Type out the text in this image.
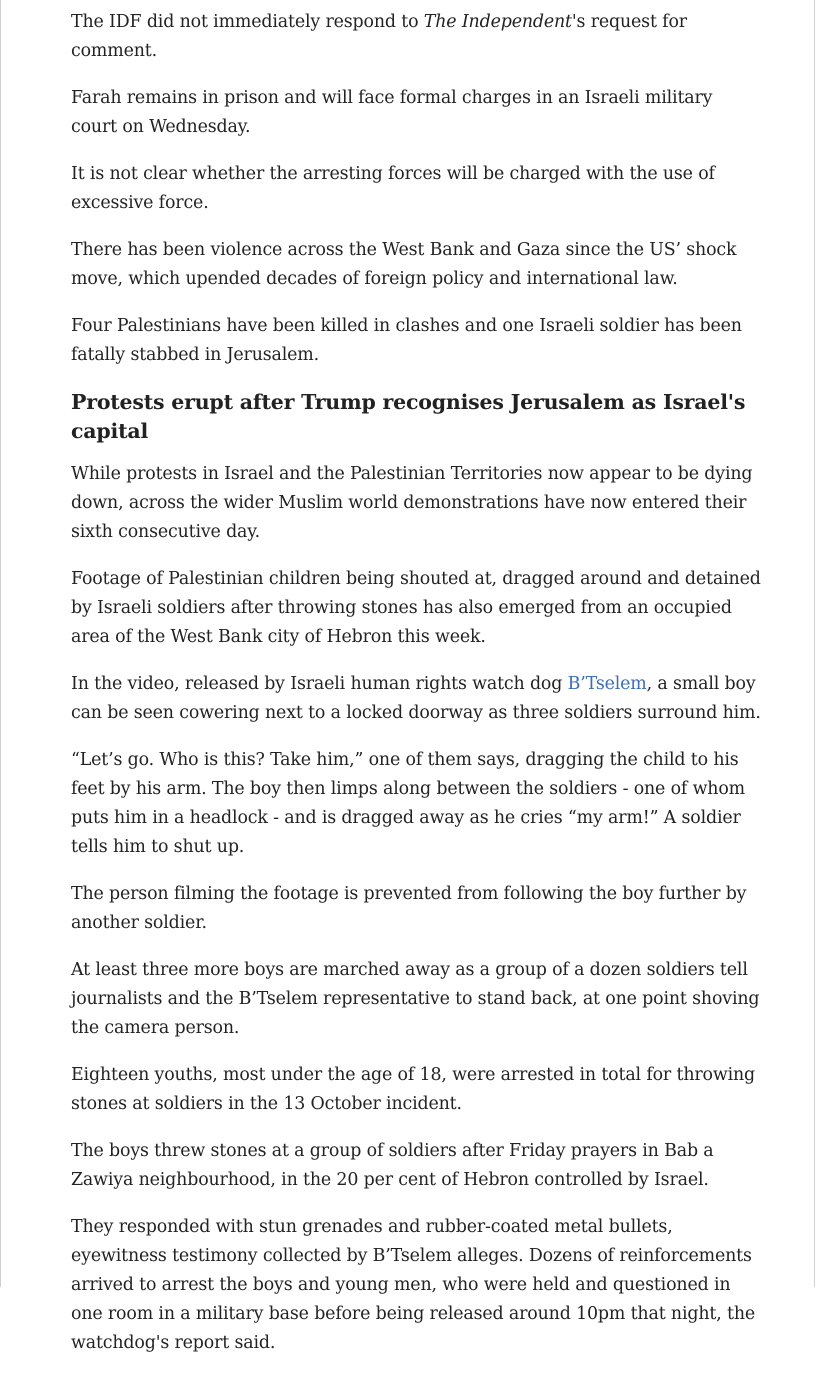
The IDF did not immediately respond to The Independent's request for comment.

Farah remains in prison and will face formal charges in an Israeli military court on Wednesday.

It is not clear whether the arresting forces will be charged with the use of excessive force.

There has been violence across the West Bank and Gaza since the US’ shock move, which upended decades of foreign policy and international law.

Four Palestinians have been killed in clashes and one Israeli soldier has been fatally stabbed in Jerusalem.

Protests erupt after Trump recognises Jerusalem as Israel's capital

While protests in Israel and the Palestinian Territories now appear to be dying down, across the wider Muslim world demonstrations have now entered their sixth consecutive day.

Footage of Palestinian children being shouted at, dragged around and detained by Israeli soldiers after throwing stones has also emerged from an occupied area of the West Bank city of Hebron this week.

In the video, released by Israeli human rights watch dog B’Tselem, a small boy can be seen cowering next to a locked doorway as three soldiers surround him.

“Let’s go. Who is this? Take him,” one of them says, dragging the child to his feet by his arm. The boy then limps along between the soldiers - one of whom puts him in a headlock - and is dragged away as he cries “my arm!” A soldier tells him to shut up.

The person filming the footage is prevented from following the boy further by another soldier.

At least three more boys are marched away as a group of a dozen soldiers tell journalists and the B’Tselem representative to stand back, at one point shoving the camera person.

Eighteen youths, most under the age of 18, were arrested in total for throwing stones at soldiers in the 13 October incident.

The boys threw stones at a group of soldiers after Friday prayers in Bab a Zawiya neighbourhood, in the 20 per cent of Hebron controlled by Israel.

They responded with stun grenades and rubber-coated metal bullets, eyewitness testimony collected by B’Tselem alleges. Dozens of reinforcements arrived to arrest the boys and young men, who were held and questioned in one room in a military base before being released around 10pm that night, the watchdog's report said.
